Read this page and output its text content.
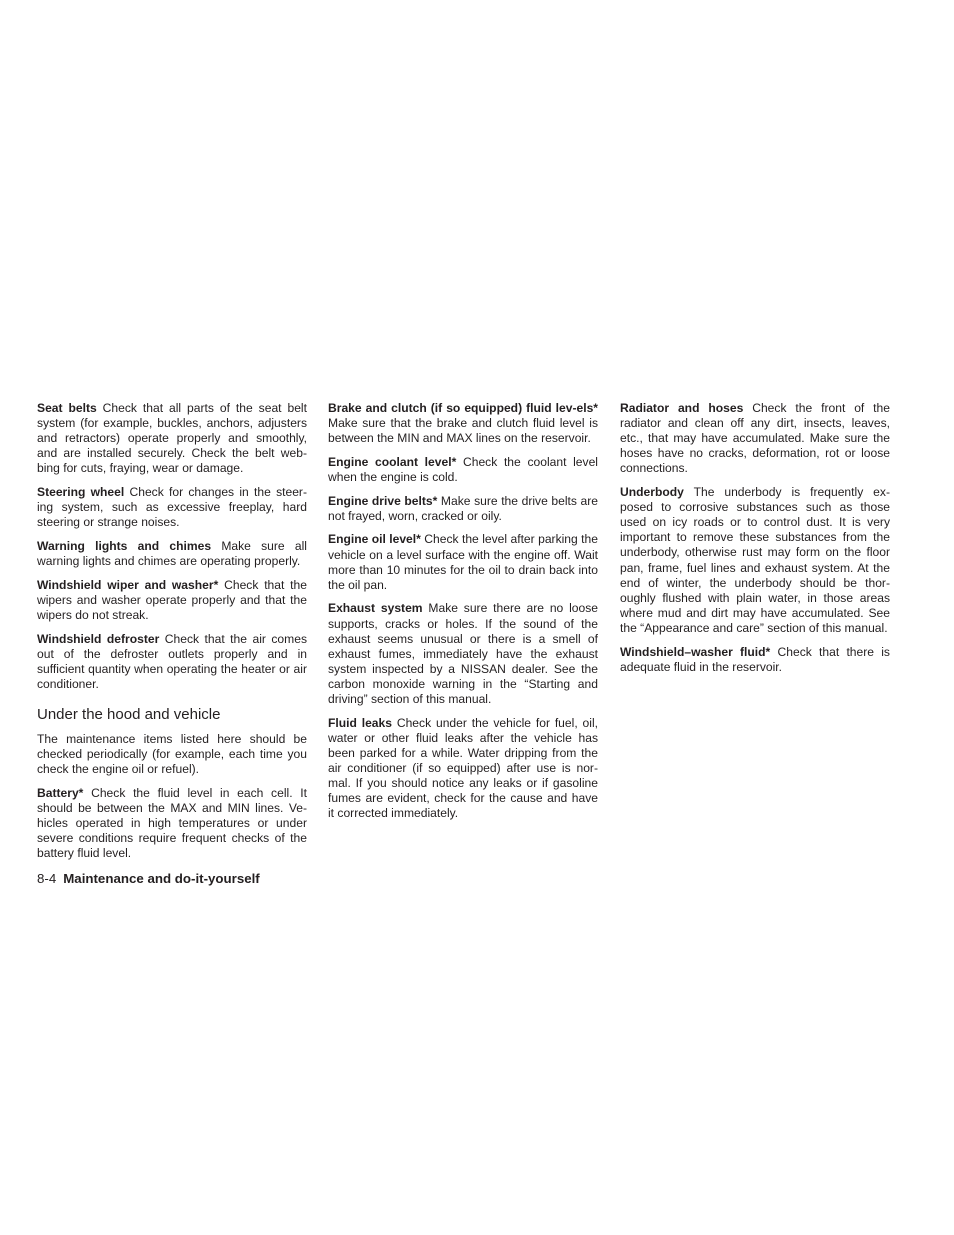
Seat belts Check that all parts of the seat belt system (for example, buckles, anchors, adjusters and retractors) operate properly and smoothly, and are installed securely. Check the belt web-bing for cuts, fraying, wear or damage.

Steering wheel Check for changes in the steer-ing system, such as excessive freeplay, hard steering or strange noises.

Warning lights and chimes Make sure all warning lights and chimes are operating properly.

Windshield wiper and washer* Check that the wipers and washer operate properly and that the wipers do not streak.

Windshield defroster Check that the air comes out of the defroster outlets properly and in sufficient quantity when operating the heater or air conditioner.

Under the hood and vehicle

The maintenance items listed here should be checked periodically (for example, each time you check the engine oil or refuel).

Battery* Check the fluid level in each cell. It should be between the MAX and MIN lines. Ve-hicles operated in high temperatures or under severe conditions require frequent checks of the battery fluid level.

Brake and clutch (if so equipped) fluid lev-els* Make sure that the brake and clutch fluid level is between the MIN and MAX lines on the reservoir.

Engine coolant level* Check the coolant level when the engine is cold.

Engine drive belts* Make sure the drive belts are not frayed, worn, cracked or oily.

Engine oil level* Check the level after parking the vehicle on a level surface with the engine off. Wait more than 10 minutes for the oil to drain back into the oil pan.

Exhaust system Make sure there are no loose supports, cracks or holes. If the sound of the exhaust seems unusual or there is a smell of exhaust fumes, immediately have the exhaust system inspected by a NISSAN dealer. See the carbon monoxide warning in the “Starting and driving” section of this manual.

Fluid leaks Check under the vehicle for fuel, oil, water or other fluid leaks after the vehicle has been parked for a while. Water dripping from the air conditioner (if so equipped) after use is nor-mal. If you should notice any leaks or if gasoline fumes are evident, check for the cause and have it corrected immediately.

Radiator and hoses Check the front of the radiator and clean off any dirt, insects, leaves, etc., that may have accumulated. Make sure the hoses have no cracks, deformation, rot or loose connections.

Underbody The underbody is frequently ex-posed to corrosive substances such as those used on icy roads or to control dust. It is very important to remove these substances from the underbody, otherwise rust may form on the floor pan, frame, fuel lines and exhaust system. At the end of winter, the underbody should be thor-oughly flushed with plain water, in those areas where mud and dirt may have accumulated. See the “Appearance and care” section of this manual.

Windshield–washer fluid* Check that there is adequate fluid in the reservoir.

8-4 Maintenance and do-it-yourself
